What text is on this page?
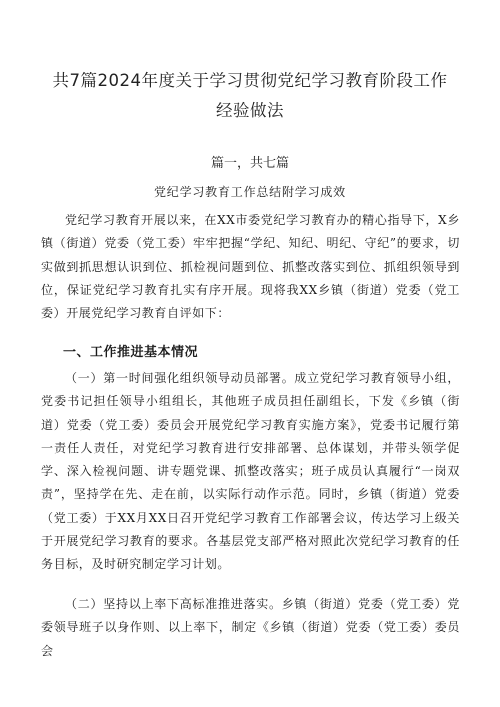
共7篇2024年度关于学习贯彻党纪学习教育阶段工作经验做法
篇一，共七篇

党纪学习教育工作总结附学习成效

党纪学习教育开展以来，在XX市委党纪学习教育办的精心指导下，X乡镇（街道）党委（党工委）牢牢把握“学纪、知纪、明纪、守纪”的要求，切实做到抓思想认识到位、抓检视问题到位、抓整改落实到位、抓组织领导到位，保证党纪学习教育扎实有序开展。现将我XX乡镇（街道）党委（党工委）开展党纪学习教育自评如下：

一、工作推进基本情况

（一）第一时间强化组织领导动员部署。成立党纪学习教育领导小组，党委书记担任领导小组组长，其他班子成员担任副组长，下发《乡镇（街道）党委（党工委）委员会开展党纪学习教育实施方案》，党委书记履行第一责任人责任，对党纪学习教育进行安排部署、总体谋划，并带头领学促学、深入检视问题、讲专题党课、抓整改落实；班子成员认真履行“一岗双责”，坚持学在先、走在前，以实际行动作示范。同时，乡镇（街道）党委（党工委）于XX月XX日召开党纪学习教育工作部署会议，传达学习上级关于开展党纪学习教育的要求。各基层党支部严格对照此次党纪学习教育的任务目标，及时研究制定学习计划。

（二）坚持以上率下高标准推进落实。乡镇（街道）党委（党工委）党委领导班子以身作则、以上率下，制定《乡镇（街道）党委（党工委）委员会
